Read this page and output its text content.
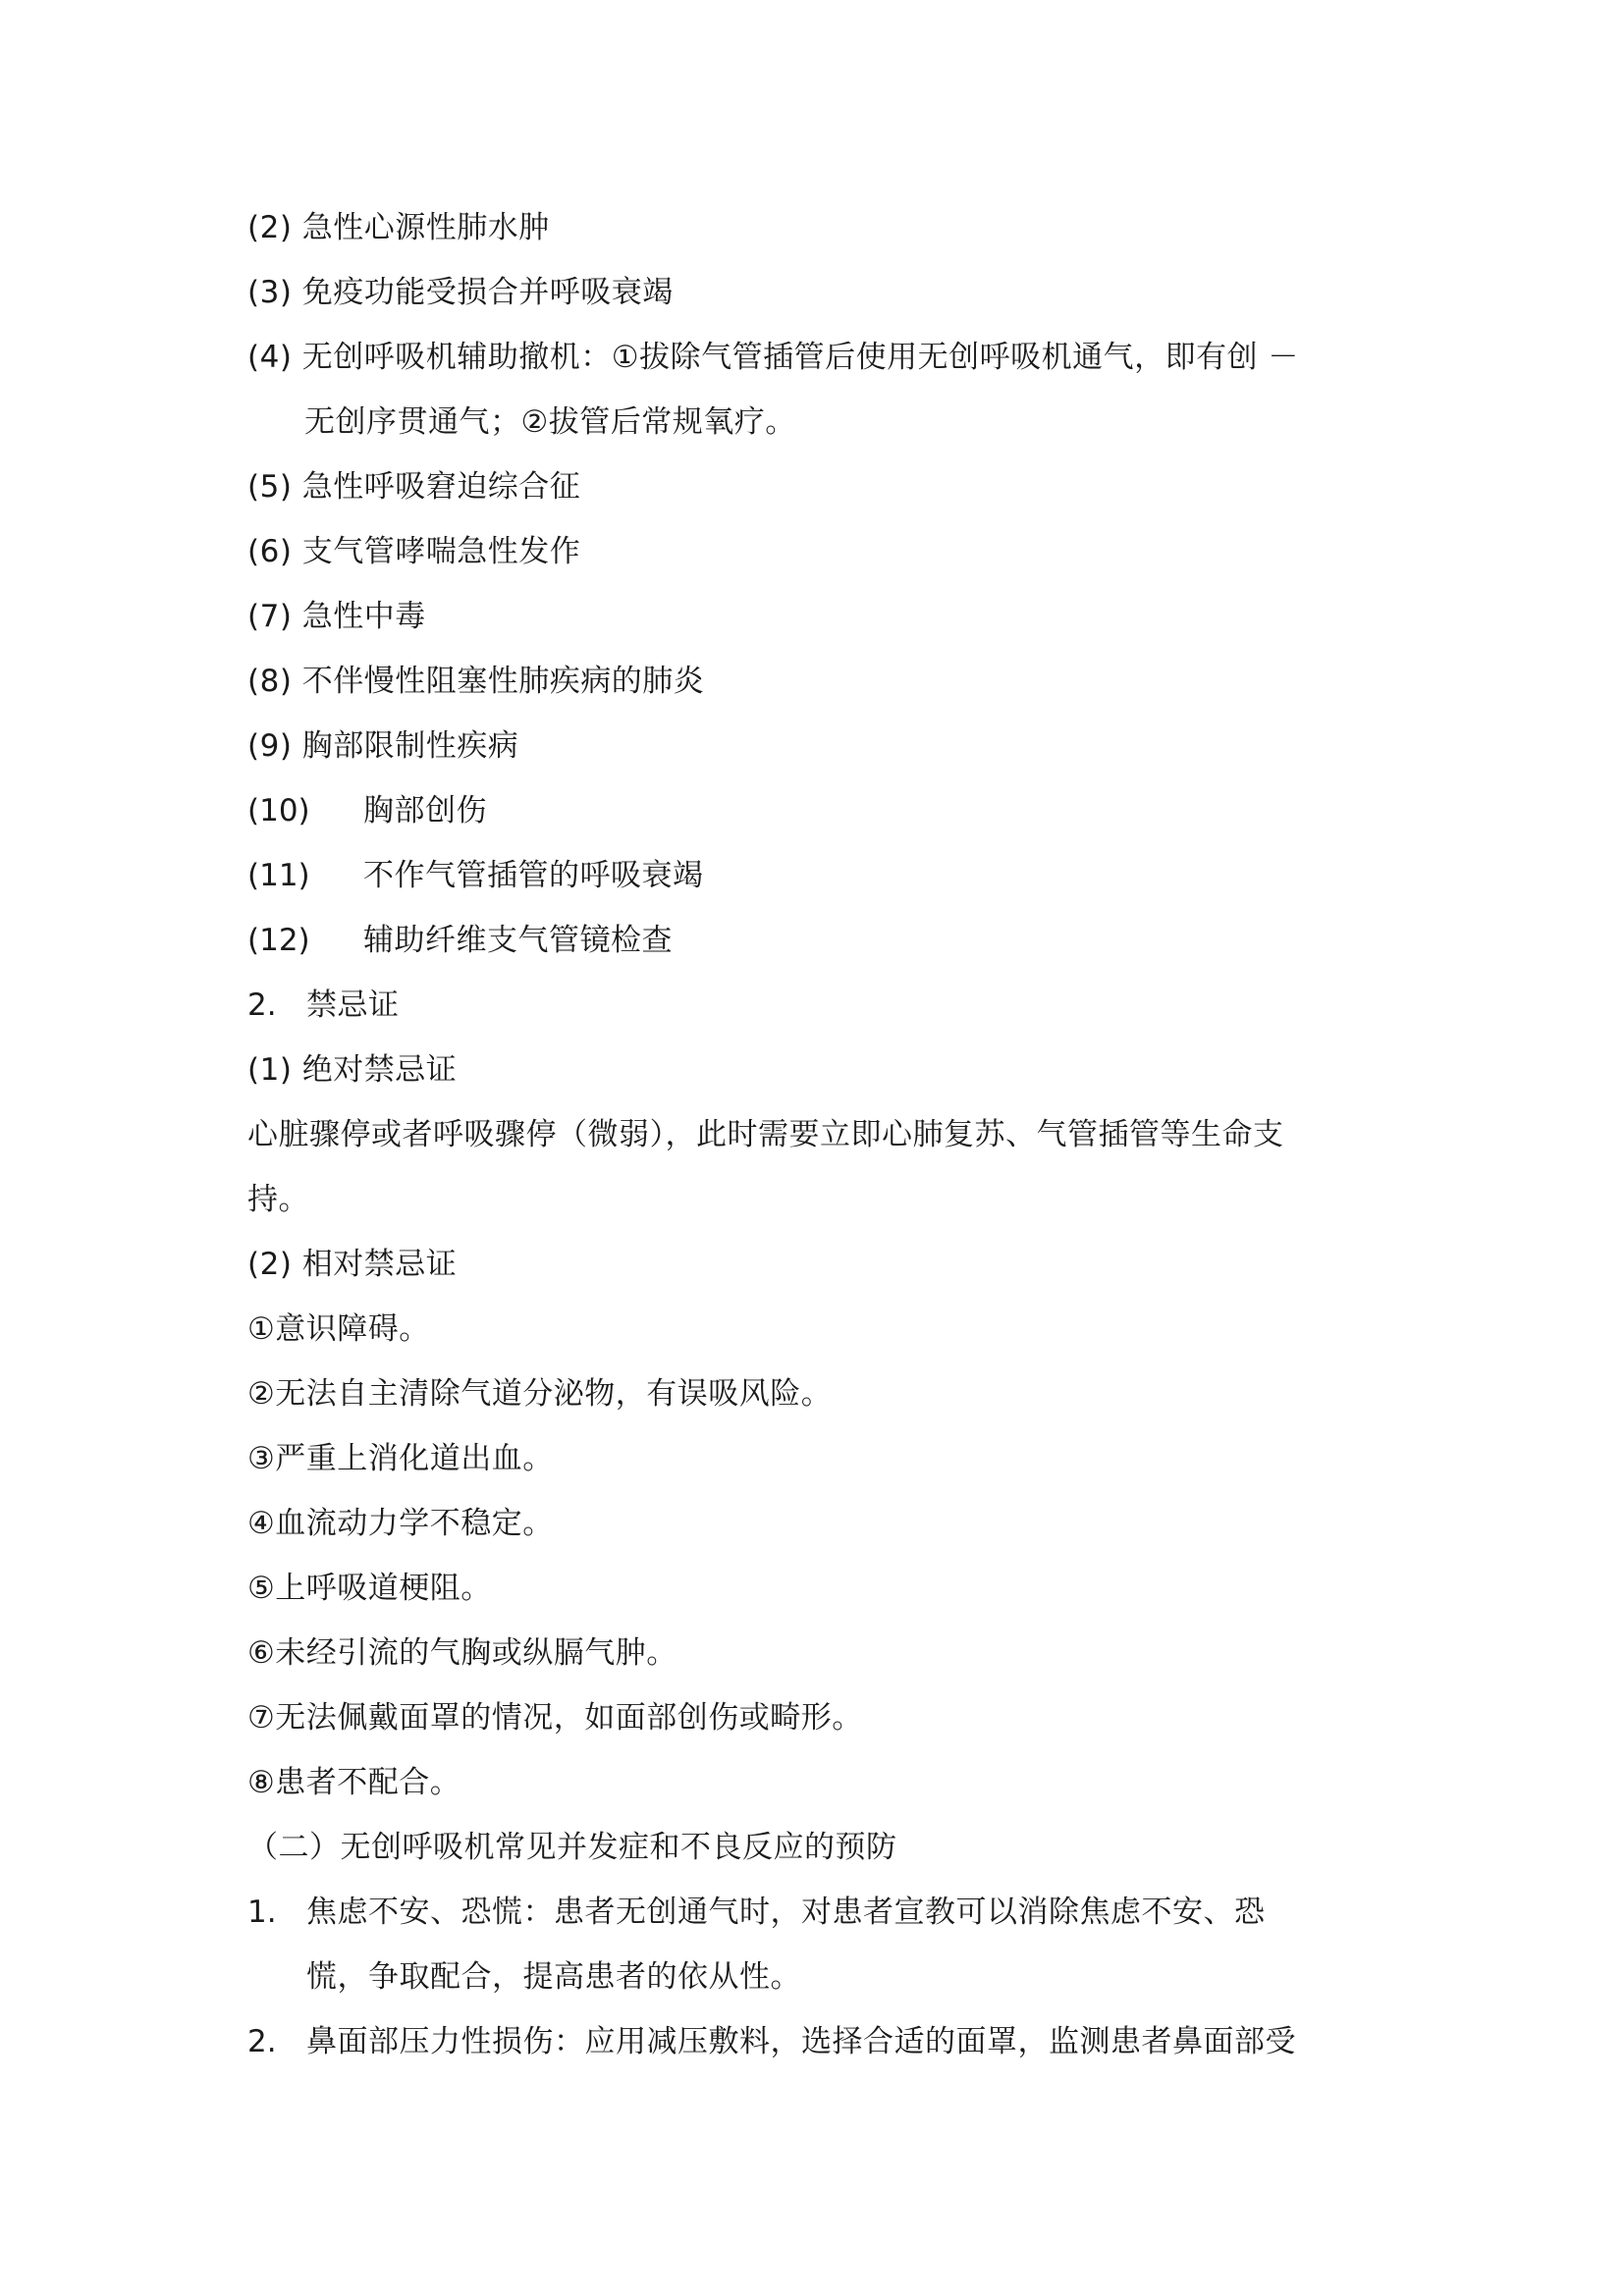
(2) 急性心源性肺水肿
(3) 免疫功能受损合并呼吸衰竭
(4) 无创呼吸机辅助撤机：①拔除气管插管后使用无创呼吸机通气，即有创 －
无创序贯通气；②拔管后常规氧疗。
(5) 急性呼吸窘迫综合征
(6) 支气管哮喘急性发作
(7) 急性中毒
(8) 不伴慢性阻塞性肺疾病的肺炎
(9) 胸部限制性疾病
(10) 胸部创伤
(11) 不作气管插管的呼吸衰竭
(12) 辅助纤维支气管镜检查
2. 禁忌证
(1) 绝对禁忌证
心脏骤停或者呼吸骤停（微弱），此时需要立即心肺复苏、气管插管等生命支
持。
(2) 相对禁忌证
①意识障碍。
②无法自主清除气道分泌物，有误吸风险。
③严重上消化道出血。
④血流动力学不稳定。
⑤上呼吸道梗阻。
⑥未经引流的气胸或纵膈气肿。
⑦无法佩戴面罩的情况，如面部创伤或畸形。
⑧患者不配合。
（二）无创呼吸机常见并发症和不良反应的预防
1. 焦虑不安、恐慌：患者无创通气时，对患者宣教可以消除焦虑不安、恐
慌，争取配合，提高患者的依从性。
2. 鼻面部压力性损伤：应用减压敷料，选择合适的面罩，监测患者鼻面部受
